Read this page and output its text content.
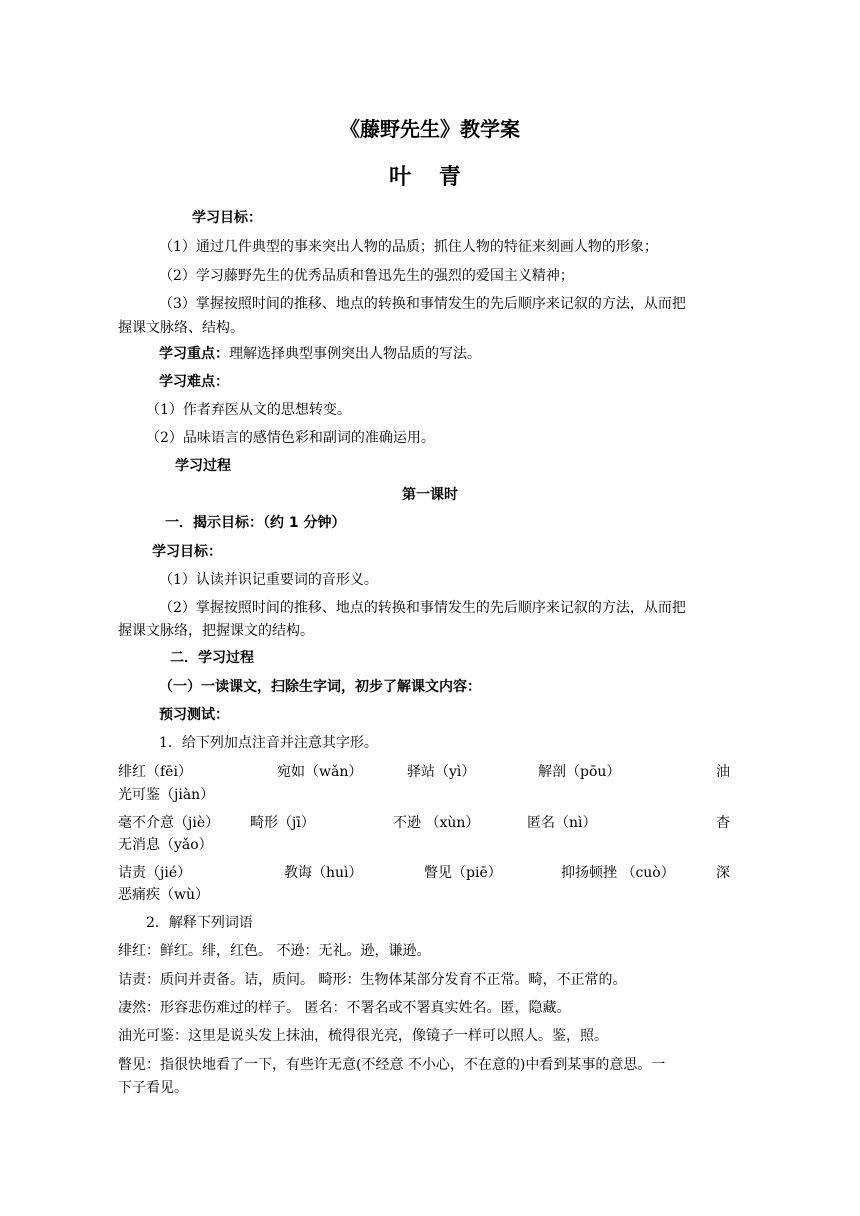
《藤野先生》教学案
叶 青
学习目标：
（1）通过几件典型的事来突出人物的品质；抓住人物的特征来刻画人物的形象；
（2）学习藤野先生的优秀品质和鲁迅先生的强烈的爱国主义精神；
（3）掌握按照时间的推移、地点的转换和事情发生的先后顺序来记叙的方法，从而把
握课文脉络、结构。
学习重点：理解选择典型事例突出人物品质的写法。
学习难点：
（1）作者弃医从文的思想转变。
（2）品味语言的感情色彩和副词的准确运用。
学习过程
第一课时
一．揭示目标：（约 1 分钟）
学习目标：
（1）认读并识记重要词的音形义。
（2）掌握按照时间的推移、地点的转换和事情发生的先后顺序来记叙的方法，从而把
握课文脉络，把握课文的结构。
二．学习过程
（一）一读课文，扫除生字词，初步了解课文内容：
预习测试：
1．给下列加点注音并注意其字形。
绯红（fēi）	宛如（wǎn）	驿站（yì）	解剖（pōu）	油
光可鉴（jiàn）
毫不介意（jiè） 畸形（jī）	不逊 （xùn）	匿名（nì）	杳
无消息（yǎo）
诘责（jié）	教诲（huì）	瞥见（piē）	抑扬顿挫 （cuò）	深
恶痛疾（wù）
2．解释下列词语
绯红：鲜红。绯，红色。 不逊：无礼。逊，谦逊。
诘责：质问并责备。诘，质问。 畸形：生物体某部分发育不正常。畸，不正常的。
凄然：形容悲伤难过的样子。 匿名：不署名或不署真实姓名。匿，隐藏。
油光可鉴：这里是说头发上抹油，梳得很光亮，像镜子一样可以照人。鉴，照。
瞥见：指很快地看了一下，有些许无意(不经意 不小心，不在意的)中看到某事的意思。一
下子看见。
